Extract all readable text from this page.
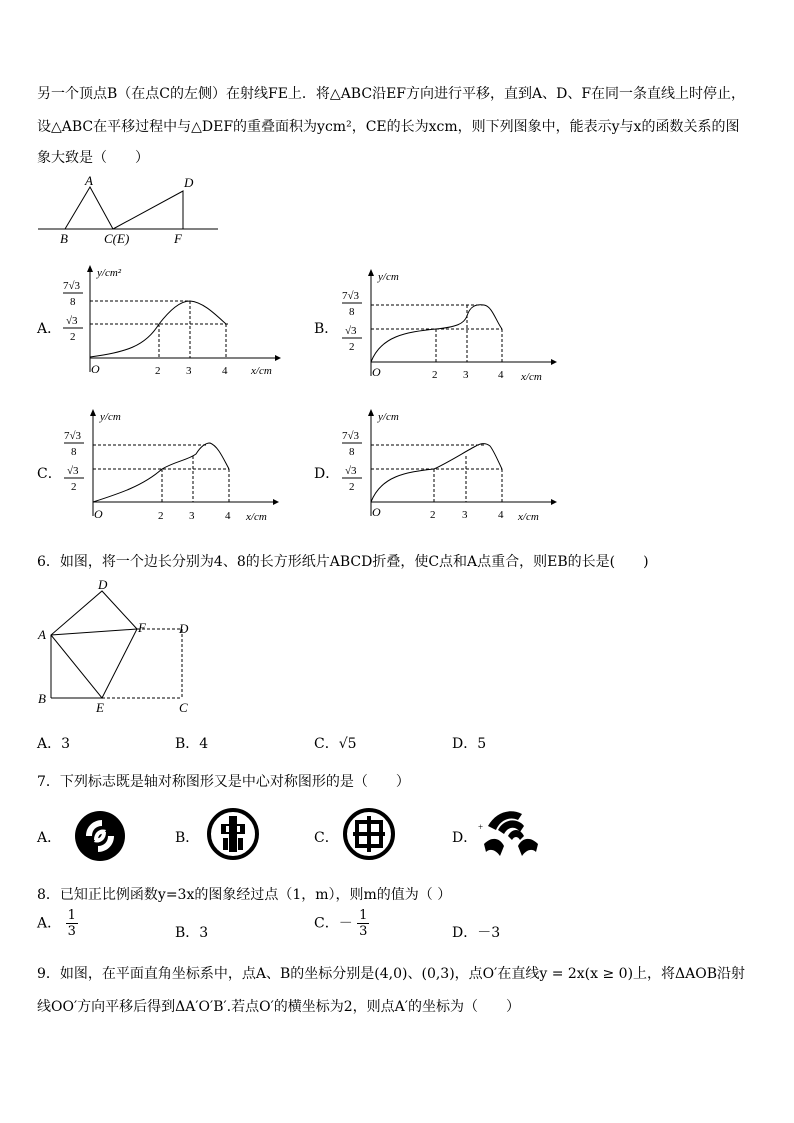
另一个顶点B（在点C的左侧）在射线FE上．将△ABC沿EF方向进行平移，直到A、D、F在同一条直线上时停止，
设△ABC在平移过程中与△DEF的重叠面积为ycm²，CE的长为xcm，则下列图象中，能表示y与x的函数关系的图
象大致是（　　）
A
B	C(E)	F
D
A．
y/cm²
x/cm
O	2 3	4
7√3
8
√3
2	B．
y/cm
x/cm
O	2 3	4
7√3
8
√3
2
C．
y/cm
x/cm
O	2 3	4
7√3
8
√3
2
D．
y/cm
x/cm
O	2 3	4
7√3
8
√3
2
6．如图，将一个边长分别为4、8的长方形纸片ABCD折叠，使C点和A点重合，则EB的长是(　　)
D
A	F	D
B
E	C
A．3	B．4	C．√5	D．5
7．下列标志既是轴对称图形又是中心对称图形的是（　　）
A．	B．	C．	D．
+
8．已知正比例函数y=3x的图象经过点（1，m），则m的值为（ ）
A． $\frac{1}{3}$	B．3
C．－ $\frac{1}{3}$	D．－3
9．如图，在平面直角坐标系中，点A、B的坐标分别是(4,0)、(0,3)，点O′在直线y = 2x(x ≥ 0)上，将ΔAOB沿射
线OO′方向平移后得到ΔA′O′B′.若点O′的横坐标为2，则点A′的坐标为（　　）
